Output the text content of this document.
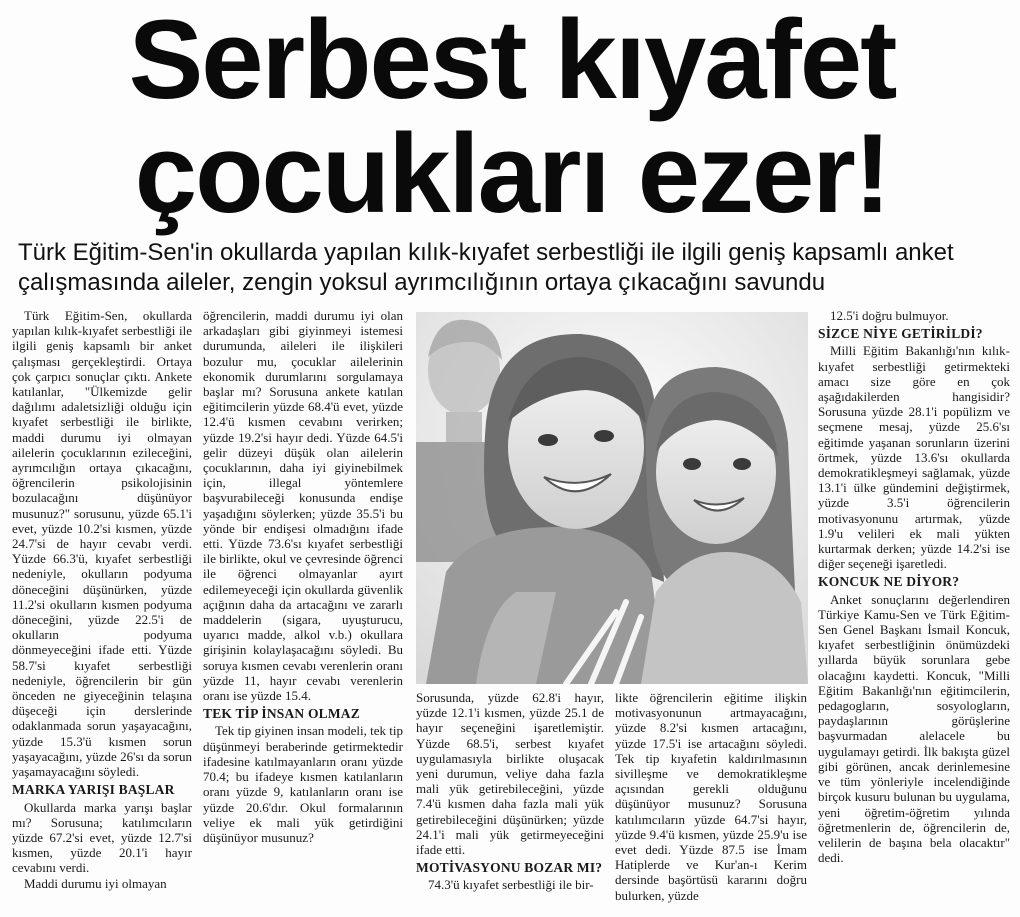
Serbest kıyafet
çocukları ezer!
Türk Eğitim-Sen'in okullarda yapılan kılık-kıyafet serbestliği ile ilgili geniş kapsamlı anket çalışmasında aileler, zengin yoksul ayrımcılığının ortaya çıkacağını savundu

Türk Eğitim-Sen, okullarda yapılan kılık-kıyafet serbestliği ile ilgili geniş kapsamlı bir anket çalışması gerçekleştirdi. Ortaya çok çarpıcı sonuçlar çıktı. Ankete katılanlar, "Ülkemizde gelir dağılımı adaletsizliği olduğu için kıyafet serbestliği ile birlikte, maddi durumu iyi olmayan ailelerin çocuklarının ezileceğini, ayrımcılığın ortaya çıkacağını, öğrencilerin psikolojisinin bozulacağını düşünüyor musunuz?" sorusunu, yüzde 65.1'i evet, yüzde 10.2'si kısmen, yüzde 24.7'si de hayır cevabı verdi. Yüzde 66.3'ü, kıyafet serbestliği nedeniyle, okulların podyuma döneceğini düşünürken, yüzde 11.2'si okulların kısmen podyuma döneceğini, yüzde 22.5'i de okulların podyuma dönmeyeceğini ifade etti. Yüzde 58.7'si kıyafet serbestliği nedeniyle, öğrencilerin bir gün önceden ne giyeceğinin telaşına düşeceği için derslerinde odaklanmada sorun yaşayacağını, yüzde 15.3'ü kısmen sorun yaşayacağını, yüzde 26'sı da sorun yaşamayacağını söyledi.

MARKA YARIŞI BAŞLAR

Okullarda marka yarışı başlar mı? Sorusuna; katılımcıların yüzde 67.2'si evet, yüzde 12.7'si kısmen, yüzde 20.1'i hayır cevabını verdi.

Maddi durumu iyi olmayan

öğrencilerin, maddi durumu iyi olan arkadaşları gibi giyinmeyi istemesi durumunda, aileleri ile ilişkileri bozulur mu, çocuklar ailelerinin ekonomik durumlarını sorgulamaya başlar mı? Sorusuna ankete katılan eğitimcilerin yüzde 68.4'ü evet, yüzde 12.4'ü kısmen cevabını verirken; yüzde 19.2'si hayır dedi. Yüzde 64.5'i gelir düzeyi düşük olan ailelerin çocuklarının, daha iyi giyinebilmek için, illegal yöntemlere başvurabileceği konusunda endişe yaşadığını söylerken; yüzde 35.5'i bu yönde bir endişesi olmadığını ifade etti. Yüzde 73.6'sı kıyafet serbestliği ile birlikte, okul ve çevresinde öğrenci ile öğrenci olmayanlar ayırt edilemeyeceği için okullarda güvenlik açığının daha da artacağını ve zararlı maddelerin (sigara, uyuşturucu, uyarıcı madde, alkol v.b.) okullara girişinin kolaylaşacağını söyledi. Bu soruya kısmen cevabı verenlerin oranı yüzde 11, hayır cevabı verenlerin oranı ise yüzde 15.4.

TEK TİP İNSAN OLMAZ

Tek tip giyinen insan modeli, tek tip düşünmeyi beraberinde getirmektedir ifadesine katılmayanların oranı yüzde 70.4; bu ifadeye kısmen katılanların oranı yüzde 9, katılanların oranı ise yüzde 20.6'dır. Okul formalarının veliye ek mali yük getirdiğini düşünüyor musunuz?

Sorusunda, yüzde 62.8'i hayır, yüzde 12.1'i kısmen, yüzde 25.1 de hayır seçeneğini işaretlemiştir. Yüzde 68.5'i, serbest kıyafet uygulamasıyla birlikte oluşacak yeni durumun, veliye daha fazla mali yük getirebileceğini, yüzde 7.4'ü kısmen daha fazla mali yük getirebileceğini düşünürken; yüzde 24.1'i mali yük getirmeyeceğini ifade etti.

MOTİVASYONU BOZAR MI?

74.3'ü kıyafet serbestliği ile bir-

likte öğrencilerin eğitime ilişkin motivasyonunun artmayacağını, yüzde 8.2'si kısmen artacağını, yüzde 17.5'i ise artacağını söyledi. Tek tip kıyafetin kaldırılmasının sivilleşme ve demokratikleşme açısından gerekli olduğunu düşünüyor musunuz? Sorusuna katılımcıların yüzde 64.7'si hayır, yüzde 9.4'ü kısmen, yüzde 25.9'u ise evet dedi. Yüzde 87.5 ise İmam Hatiplerde ve Kur'an-ı Kerim dersinde başörtüsü kararını doğru bulurken, yüzde

12.5'i doğru bulmuyor.

SİZCE NİYE GETİRİLDİ?

Milli Eğitim Bakanlığı'nın kılık-kıyafet serbestliği getirmekteki amacı size göre en çok aşağıdakilerden hangisidir? Sorusuna yüzde 28.1'i popülizm ve seçmene mesaj, yüzde 25.6'sı eğitimde yaşanan sorunların üzerini örtmek, yüzde 13.6'sı okullarda demokratikleşmeyi sağlamak, yüzde 13.1'i ülke gündemini değiştirmek, yüzde 3.5'i öğrencilerin motivasyonunu artırmak, yüzde 1.9'u velileri ek mali yükten kurtarmak derken; yüzde 14.2'si ise diğer seçeneği işaretledi.

KONCUK NE DİYOR?

Anket sonuçlarını değerlendiren Türkiye Kamu-Sen ve Türk Eğitim-Sen Genel Başkanı İsmail Koncuk, kıyafet serbestliğinin önümüzdeki yıllarda büyük sorunlara gebe olacağını kaydetti. Koncuk, "Milli Eğitim Bakanlığı'nın eğitimcilerin, pedagogların, sosyologların, paydaşlarının görüşlerine başvurmadan alelacele bu uygulamayı getirdi. İlk bakışta güzel gibi görünen, ancak derinlemesine ve tüm yönleriyle incelendiğinde birçok kusuru bulunan bu uygulama, yeni öğretim-öğretim yılında öğretmenlerin de, öğrencilerin de, velilerin de başına bela olacaktır" dedi.
